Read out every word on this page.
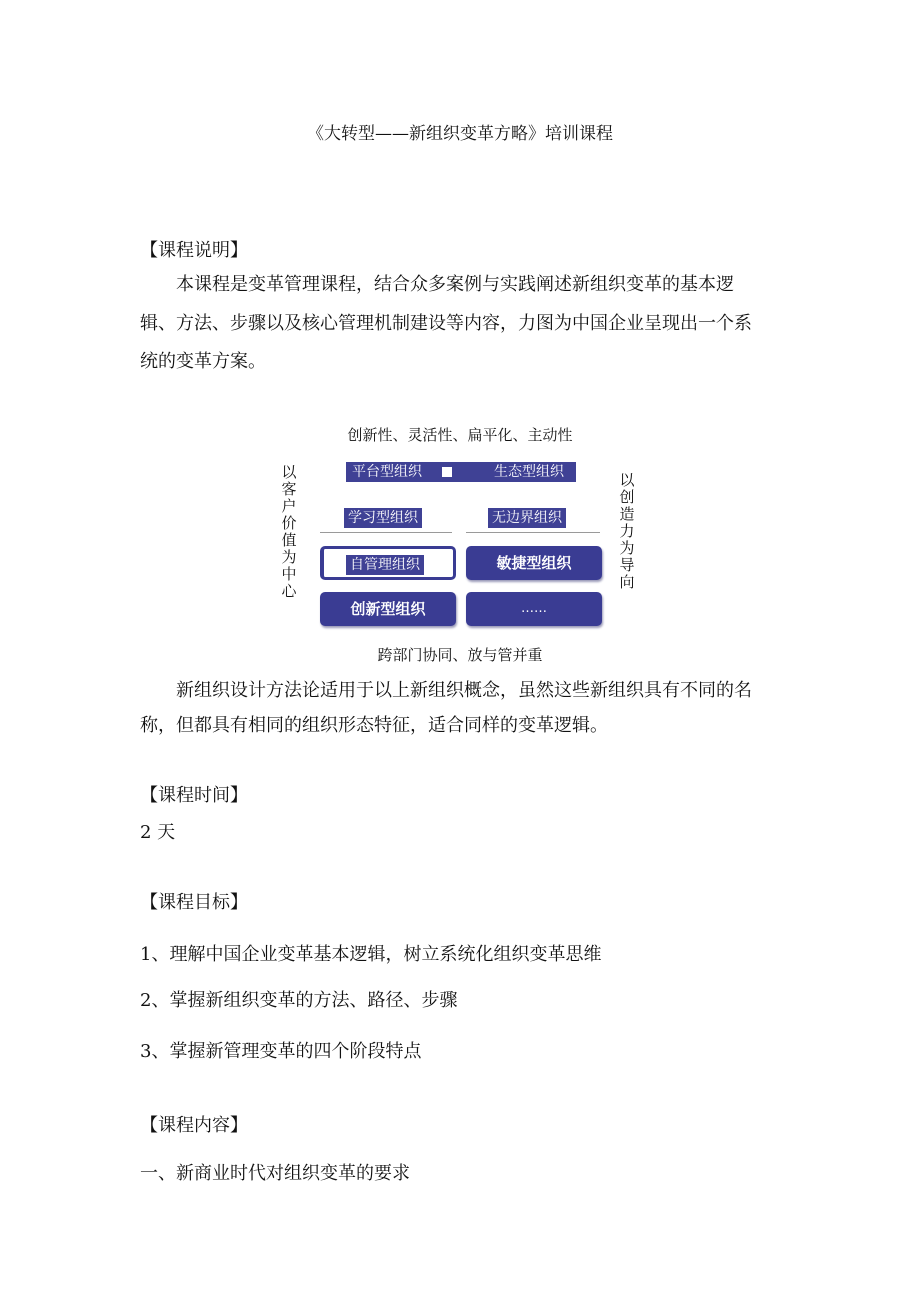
《大转型——新组织变革方略》培训课程
【课程说明】
本课程是变革管理课程，结合众多案例与实践阐述新组织变革的基本逻
辑、方法、步骤以及核心管理机制建设等内容，力图为中国企业呈现出一个系
统的变革方案。
创新性、灵活性、扁平化、主动性
以客户价值为中心
以创造力为导向
平台型组织	生态型组织
学习型组织	无边界组织
自管理组织	敏捷型组织
创新型组织	……
跨部门协同、放与管并重
新组织设计方法论适用于以上新组织概念，虽然这些新组织具有不同的名
称，但都具有相同的组织形态特征，适合同样的变革逻辑。
【课程时间】
2 天
【课程目标】
1、理解中国企业变革基本逻辑，树立系统化组织变革思维
2、掌握新组织变革的方法、路径、步骤
3、掌握新管理变革的四个阶段特点
【课程内容】
一、新商业时代对组织变革的要求
